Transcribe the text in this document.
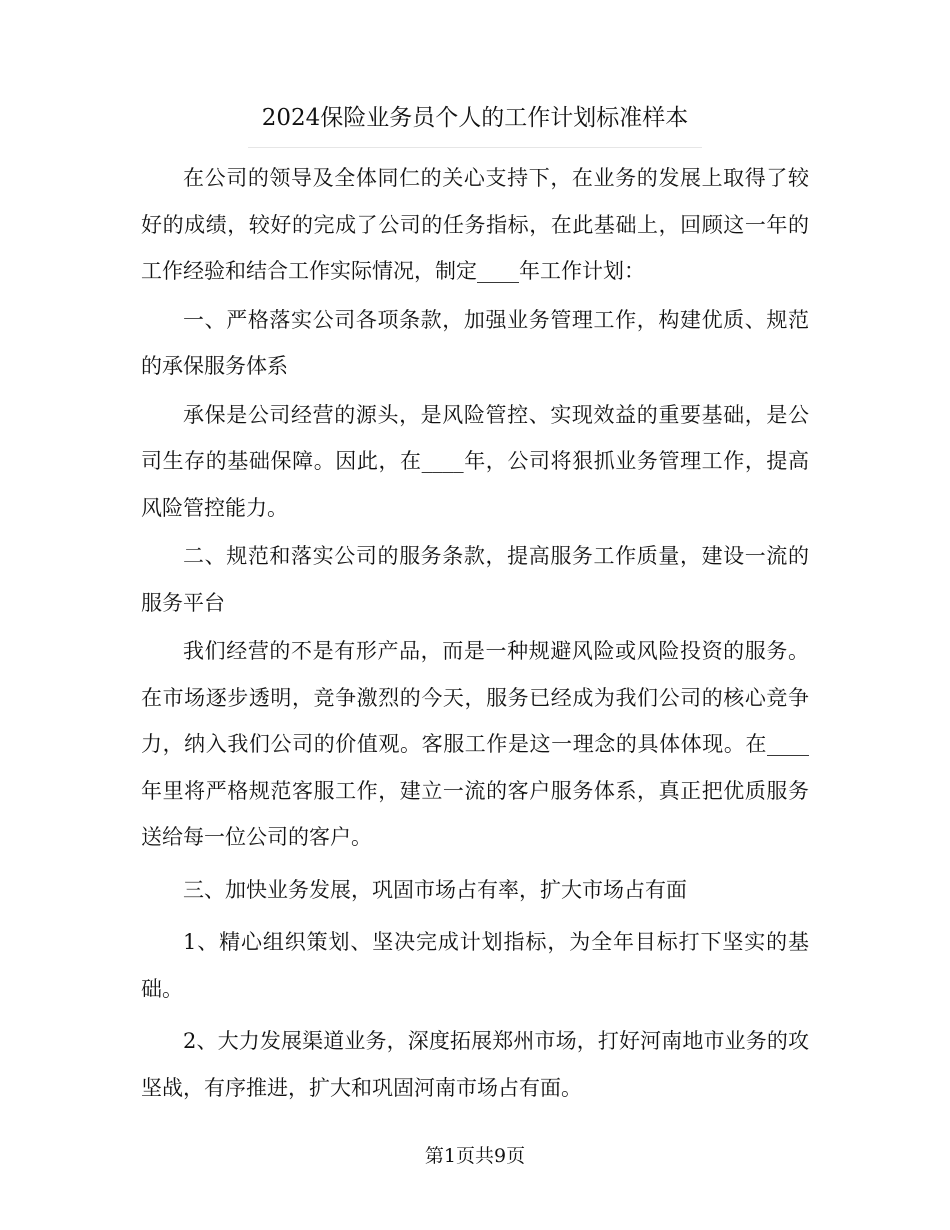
2024保险业务员个人的工作计划标准样本

在公司的领导及全体同仁的关心支持下，在业务的发展上取得了较好的成绩，较好的完成了公司的任务指标，在此基础上，回顾这一年的工作经验和结合工作实际情况，制定____年工作计划：

一、严格落实公司各项条款，加强业务管理工作，构建优质、规范的承保服务体系

承保是公司经营的源头，是风险管控、实现效益的重要基础，是公司生存的基础保障。因此，在____年，公司将狠抓业务管理工作，提高风险管控能力。

二、规范和落实公司的服务条款，提高服务工作质量，建设一流的服务平台

我们经营的不是有形产品，而是一种规避风险或风险投资的服务。在市场逐步透明，竞争激烈的今天，服务已经成为我们公司的核心竞争力，纳入我们公司的价值观。客服工作是这一理念的具体体现。在____年里将严格规范客服工作，建立一流的客户服务体系，真正把优质服务送给每一位公司的客户。

三、加快业务发展，巩固市场占有率，扩大市场占有面

1、精心组织策划、坚决完成计划指标，为全年目标打下坚实的基础。

2、大力发展渠道业务，深度拓展郑州市场，打好河南地市业务的攻坚战，有序推进，扩大和巩固河南市场占有面。

第1页共9页
